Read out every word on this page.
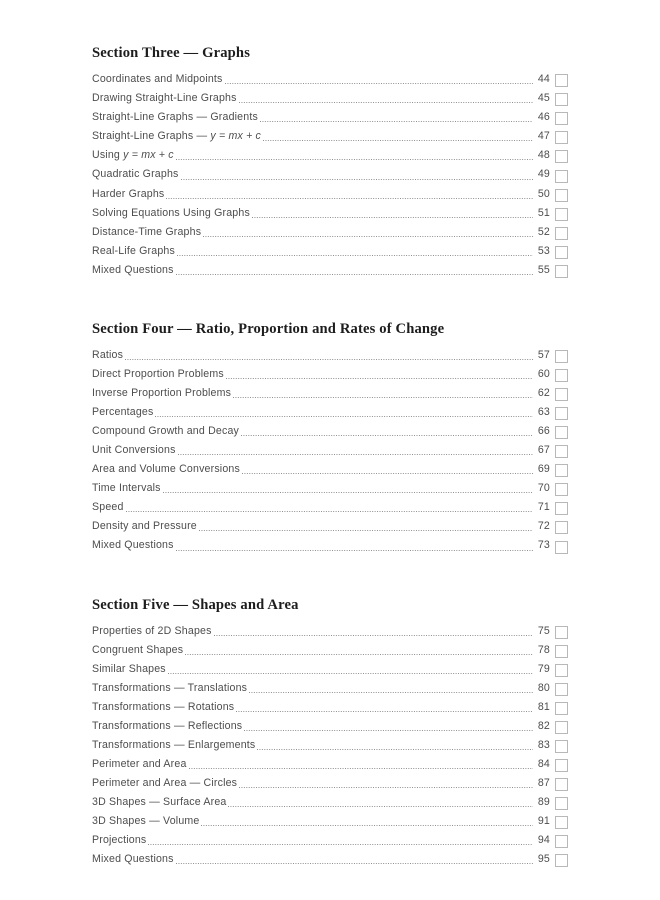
Section Three — Graphs
Coordinates and Midpoints	44
Drawing Straight-Line Graphs	45
Straight-Line Graphs — Gradients	46
Straight-Line Graphs — y = mx + c	47
Using y = mx + c	48
Quadratic Graphs	49
Harder Graphs	50
Solving Equations Using Graphs	51
Distance-Time Graphs	52
Real-Life Graphs	53
Mixed Questions	55
Section Four — Ratio, Proportion and Rates of Change
Ratios	57
Direct Proportion Problems	60
Inverse Proportion Problems	62
Percentages	63
Compound Growth and Decay	66
Unit Conversions	67
Area and Volume Conversions	69
Time Intervals	70
Speed	71
Density and Pressure	72
Mixed Questions	73
Section Five — Shapes and Area
Properties of 2D Shapes	75
Congruent Shapes	78
Similar Shapes	79
Transformations — Translations	80
Transformations — Rotations	81
Transformations — Reflections	82
Transformations — Enlargements	83
Perimeter and Area	84
Perimeter and Area — Circles	87
3D Shapes — Surface Area	89
3D Shapes — Volume	91
Projections	94
Mixed Questions	95
